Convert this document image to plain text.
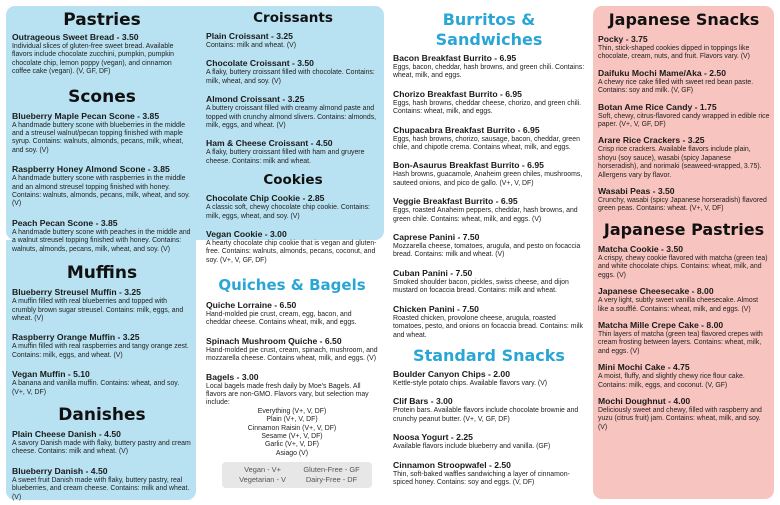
Pastries
Outrageous Sweet Bread - 3.50
Individual slices of gluten-free sweet bread. Available flavors include chocolate zucchini, pumpkin, pumpkin chocolate chip, lemon poppy (vegan), and cinnamon coffee cake (vegan). (V, GF, DF)
Scones
Blueberry Maple Pecan Scone - 3.85
A handmade buttery scone with blueberries in the middle and a streusel walnut/pecan topping finished with maple syrup. Contains: walnuts, almonds, pecans, milk, wheat, and soy. (V)
Raspberry Honey Almond Scone - 3.85
A handmade buttery scone with raspberries in the middle and an almond streusel topping finished with honey. Contains: walnuts, almonds, pecans, milk, wheat, and soy. (V)
Peach Pecan Scone - 3.85
A handmade buttery scone with peaches in the middle and a walnut streusel topping finished with honey. Contains: walnuts, almonds, pecans, milk, wheat, and soy. (V)
Muffins
Blueberry Streusel Muffin - 3.25
A muffin filled with real blueberries and topped with crumbly brown sugar streusel. Contains: milk, eggs, and wheat. (V)
Raspberry Orange Muffin - 3.25
A muffin filled with real raspberries and tangy orange zest. Contains: milk, eggs, and wheat. (V)
Vegan Muffin - 5.10
A banana and vanilla muffin. Contains: wheat, and soy. (V+, V, DF)
Danishes
Plain Cheese Danish - 4.50
A savory Danish made with flaky, buttery pastry and cream cheese. Contains: milk and wheat. (V)
Blueberry Danish - 4.50
A sweet fruit Danish made with flaky, buttery pastry, real blueberries, and cream cheese. Contains: milk and wheat. (V)
Croissants
Plain Croissant - 3.25
Contains: milk and wheat. (V)
Chocolate Croissant - 3.50
A flaky, buttery croissant filled with chocolate. Contains: milk, wheat, and soy. (V)
Almond Croissant - 3.25
A buttery croissant filled with creamy almond paste and topped with crunchy almond slivers. Contains: almonds, milk, eggs, and wheat. (V)
Ham & Cheese Croissant - 4.50
A flaky, buttery croissant filled with ham and gruyere cheese. Contains: milk and wheat.
Cookies
Chocolate Chip Cookie - 2.85
A classic soft, chewy chocolate chip cookie. Contains: milk, eggs, wheat, and soy. (V)
Vegan Cookie - 3.00
A hearty chocolate chip cookie that is vegan and gluten-free. Contains: walnuts, almonds, pecans, coconut, and soy. (V+, V, GF, DF)
Quiches & Bagels
Quiche Lorraine - 6.50
Hand-molded pie crust, cream, egg, bacon, and cheddar cheese. Contains wheat, milk, and eggs.
Spinach Mushroom Quiche - 6.50
Hand-molded pie crust, cream, spinach, mushroom, and mozzarella cheese. Contains wheat, milk, and eggs. (V)
Bagels - 3.00
Local bagels made fresh daily by Moe's Bagels. All flavors are non-GMO. Flavors vary, but selection may include:
Everything (V+, V, DF)
Plain (V+, V, DF)
Cinnamon Raisin (V+, V, DF)
Sesame (V+, V, DF)
Garlic (V+, V, DF)
Asiago (V)
Vegan - V+	Gluten-Free - GF
Vegetarian - V	Dairy-Free - DF
Burritos & Sandwiches
Bacon Breakfast Burrito - 6.95
Eggs, bacon, cheddar, hash browns, and green chili. Contains: wheat, milk, and eggs.
Chorizo Breakfast Burrito - 6.95
Eggs, hash browns, cheddar cheese, chorizo, and green chili. Contains: wheat, milk, and eggs.
Chupacabra Breakfast Burrito - 6.95
Eggs, hash browns, chorizo, sausage, bacon, cheddar, green chile, and chipotle crema. Contains wheat, milk, and eggs.
Bon-Asaurus Breakfast Burrito - 6.95
Hash browns, guacamole, Anaheim green chiles, mushrooms, sauteed onions, and pico de gallo. (V+, V, DF)
Veggie Breakfast Burrito - 6.95
Eggs, roasted Anaheim peppers, cheddar, hash browns, and green chile. Contains: wheat, milk, and eggs. (V)
Caprese Panini - 7.50
Mozzarella cheese, tomatoes, arugula, and pesto on focaccia bread. Contains: milk and wheat. (V)
Cuban Panini - 7.50
Smoked shoulder bacon, pickles, swiss cheese, and dijon mustard on focaccia bread. Contains: milk and wheat.
Chicken Panini - 7.50
Roasted chicken, provolone cheese, arugula, roasted tomatoes, pesto, and onions on focaccia bread. Contains: milk and wheat.
Standard Snacks
Boulder Canyon Chips - 2.00
Kettle-style potato chips. Available flavors vary. (V)
Clif Bars - 3.00
Protein bars. Available flavors include chocolate brownie and crunchy peanut butter. (V+, V, GF, DF)
Noosa Yogurt - 2.25
Available flavors include blueberry and vanilla. (GF)
Cinnamon Stroopwafel - 2.50
Thin, soft-baked waffles sandwiching a layer of cinnamon-spiced honey. Contains: soy and eggs. (V, DF)
Japanese Snacks
Pocky - 3.75
Thin, stick-shaped cookies dipped in toppings like chocolate, cream, nuts, and fruit. Flavors vary. (V)
Daifuku Mochi Mame/Aka - 2.50
A chewy rice cake filled with sweet red bean paste. Contains: soy and milk. (V, GF)
Botan Ame Rice Candy - 1.75
Soft, chewy, citrus-flavored candy wrapped in edible rice paper. (V+, V, GF, DF)
Arare Rice Crackers - 3.25
Crisp rice crackers. Available flavors include plain, shoyu (soy sauce), wasabi (spicy Japanese horseradish), and norimaki (seaweed-wrapped, 3.75). Allergens vary by flavor.
Wasabi Peas - 3.50
Crunchy, wasabi (spicy Japanese horseradish) flavored green peas. Contains: wheat. (V+, V, DF)
Japanese Pastries
Matcha Cookie - 3.50
A crispy, chewy cookie flavored with matcha (green tea) and white chocolate chips. Contains: wheat, milk, and eggs. (V)
Japanese Cheesecake - 8.00
A very light, subtly sweet vanilla cheesecake. Almost like a soufflé. Contains: wheat, milk, and eggs. (V)
Matcha Mille Crepe Cake - 8.00
Thin layers of matcha (green tea) flavored crepes with cream frosting between layers. Contains: wheat, milk, and eggs. (V)
Mini Mochi Cake - 4.75
A moist, fluffy, and slightly chewy rice flour cake. Contains: milk, eggs, and coconut. (V, GF)
Mochi Doughnut - 4.00
Deliciously sweet and chewy, filled with raspberry and yuzu (citrus fruit) jam. Contains: wheat, milk, and soy. (V)
